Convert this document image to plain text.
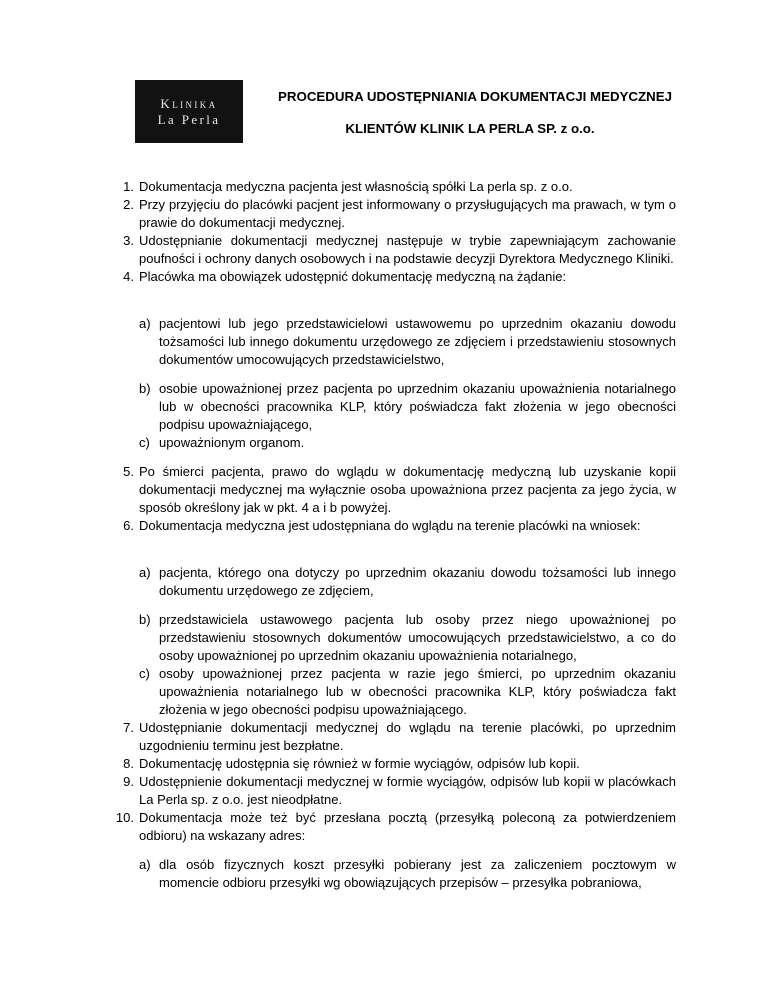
Klinika
La Perla
PROCEDURA UDOSTĘPNIANIA DOKUMENTACJI MEDYCZNEJ
KLIENTÓW KLINIK LA PERLA SP. z o.o.
1. Dokumentacja medyczna pacjenta jest własnością spółki La perla sp. z o.o.
2. Przy przyjęciu do placówki pacjent jest informowany o przysługujących ma prawach, w tym o prawie do dokumentacji medycznej.
3. Udostępnianie dokumentacji medycznej następuje w trybie zapewniającym zachowanie poufności i ochrony danych osobowych i na podstawie decyzji Dyrektora Medycznego Kliniki.
4. Placówka ma obowiązek udostępnić dokumentację medyczną na żądanie:
a) pacjentowi lub jego przedstawicielowi ustawowemu po uprzednim okazaniu dowodu tożsamości lub innego dokumentu urzędowego ze zdjęciem i przedstawieniu stosownych dokumentów umocowujących przedstawicielstwo,
b) osobie upoważnionej przez pacjenta po uprzednim okazaniu upoważnienia notarialnego lub w obecności pracownika KLP, który poświadcza fakt złożenia w jego obecności podpisu upoważniającego,
c) upoważnionym organom.
5. Po śmierci pacjenta, prawo do wglądu w dokumentację medyczną lub uzyskanie kopii dokumentacji medycznej ma wyłącznie osoba upoważniona przez pacjenta za jego życia, w sposób określony jak w pkt. 4 a i b powyżej.
6. Dokumentacja medyczna jest udostępniana do wglądu na terenie placówki na wniosek:
a) pacjenta, którego ona dotyczy po uprzednim okazaniu dowodu tożsamości lub innego dokumentu urzędowego ze zdjęciem,
b) przedstawiciela ustawowego pacjenta lub osoby przez niego upoważnionej po przedstawieniu stosownych dokumentów umocowujących przedstawicielstwo, a co do osoby upoważnionej po uprzednim okazaniu upoważnienia notarialnego,
c) osoby upoważnionej przez pacjenta w razie jego śmierci, po uprzednim okazaniu upoważnienia notarialnego lub w obecności pracownika KLP, który poświadcza fakt złożenia w jego obecności podpisu upoważniającego.
7. Udostępnianie dokumentacji medycznej do wglądu na terenie placówki, po uprzednim uzgodnieniu terminu jest bezpłatne.
8. Dokumentację udostępnia się również w formie wyciągów, odpisów lub kopii.
9. Udostępnienie dokumentacji medycznej w formie wyciągów, odpisów lub kopii w placówkach La Perla sp. z o.o. jest nieodpłatne.
10. Dokumentacja może też być przesłana pocztą (przesyłką poleconą za potwierdzeniem odbioru) na wskazany adres:
a) dla osób fizycznych koszt przesyłki pobierany jest za zaliczeniem pocztowym w momencie odbioru przesyłki wg obowiązujących przepisów – przesyłka pobraniowa,
